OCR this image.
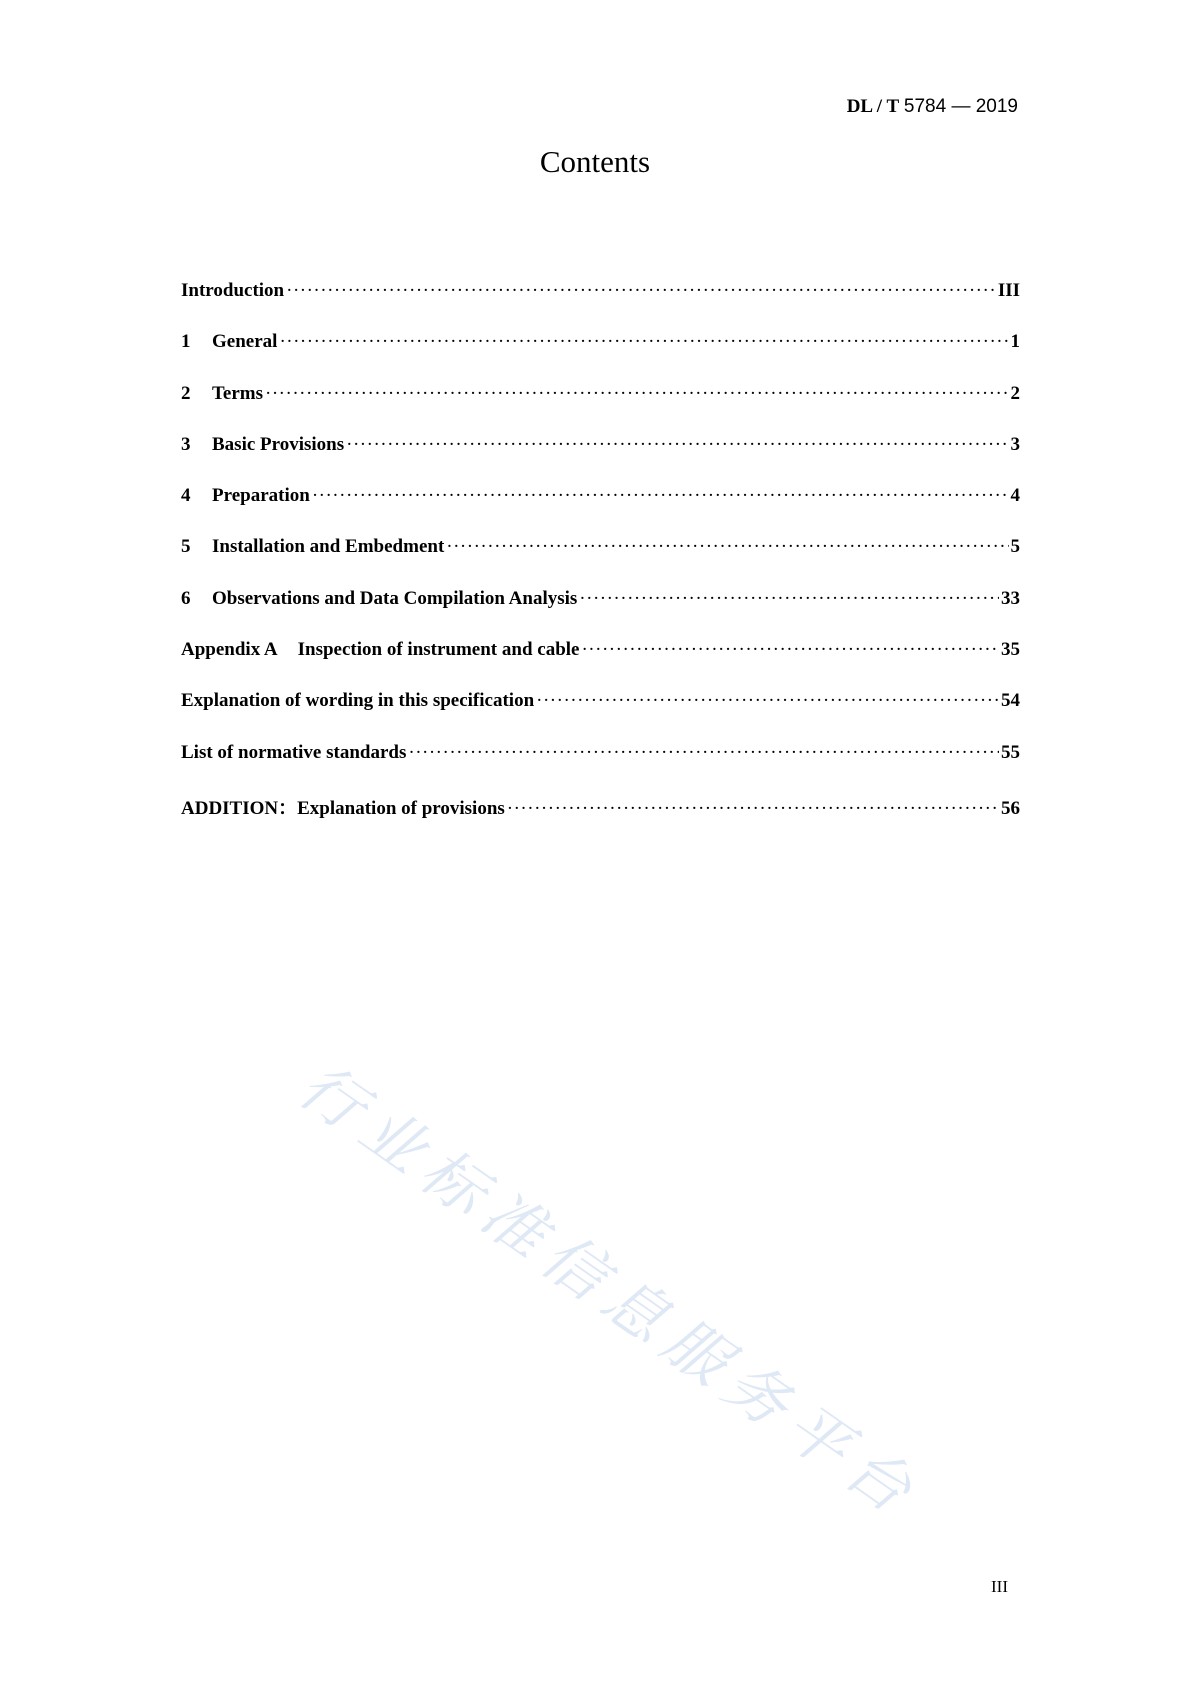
DL / T 5784 — 2019
Contents
Introduction ·····	III
1	General ·····	1
2	Terms ·····	2
3	Basic Provisions ·····	3
4	Preparation ·····	4
5	Installation and Embedment ·····	5
6	Observations and Data Compilation Analysis ·····	33
Appendix A Inspection of instrument and cable ·····	35
Explanation of wording in this specification ·····	54
List of normative standards ·····	55
ADDITION：Explanation of provisions ·····	56
行业标准信息服务平台
III
